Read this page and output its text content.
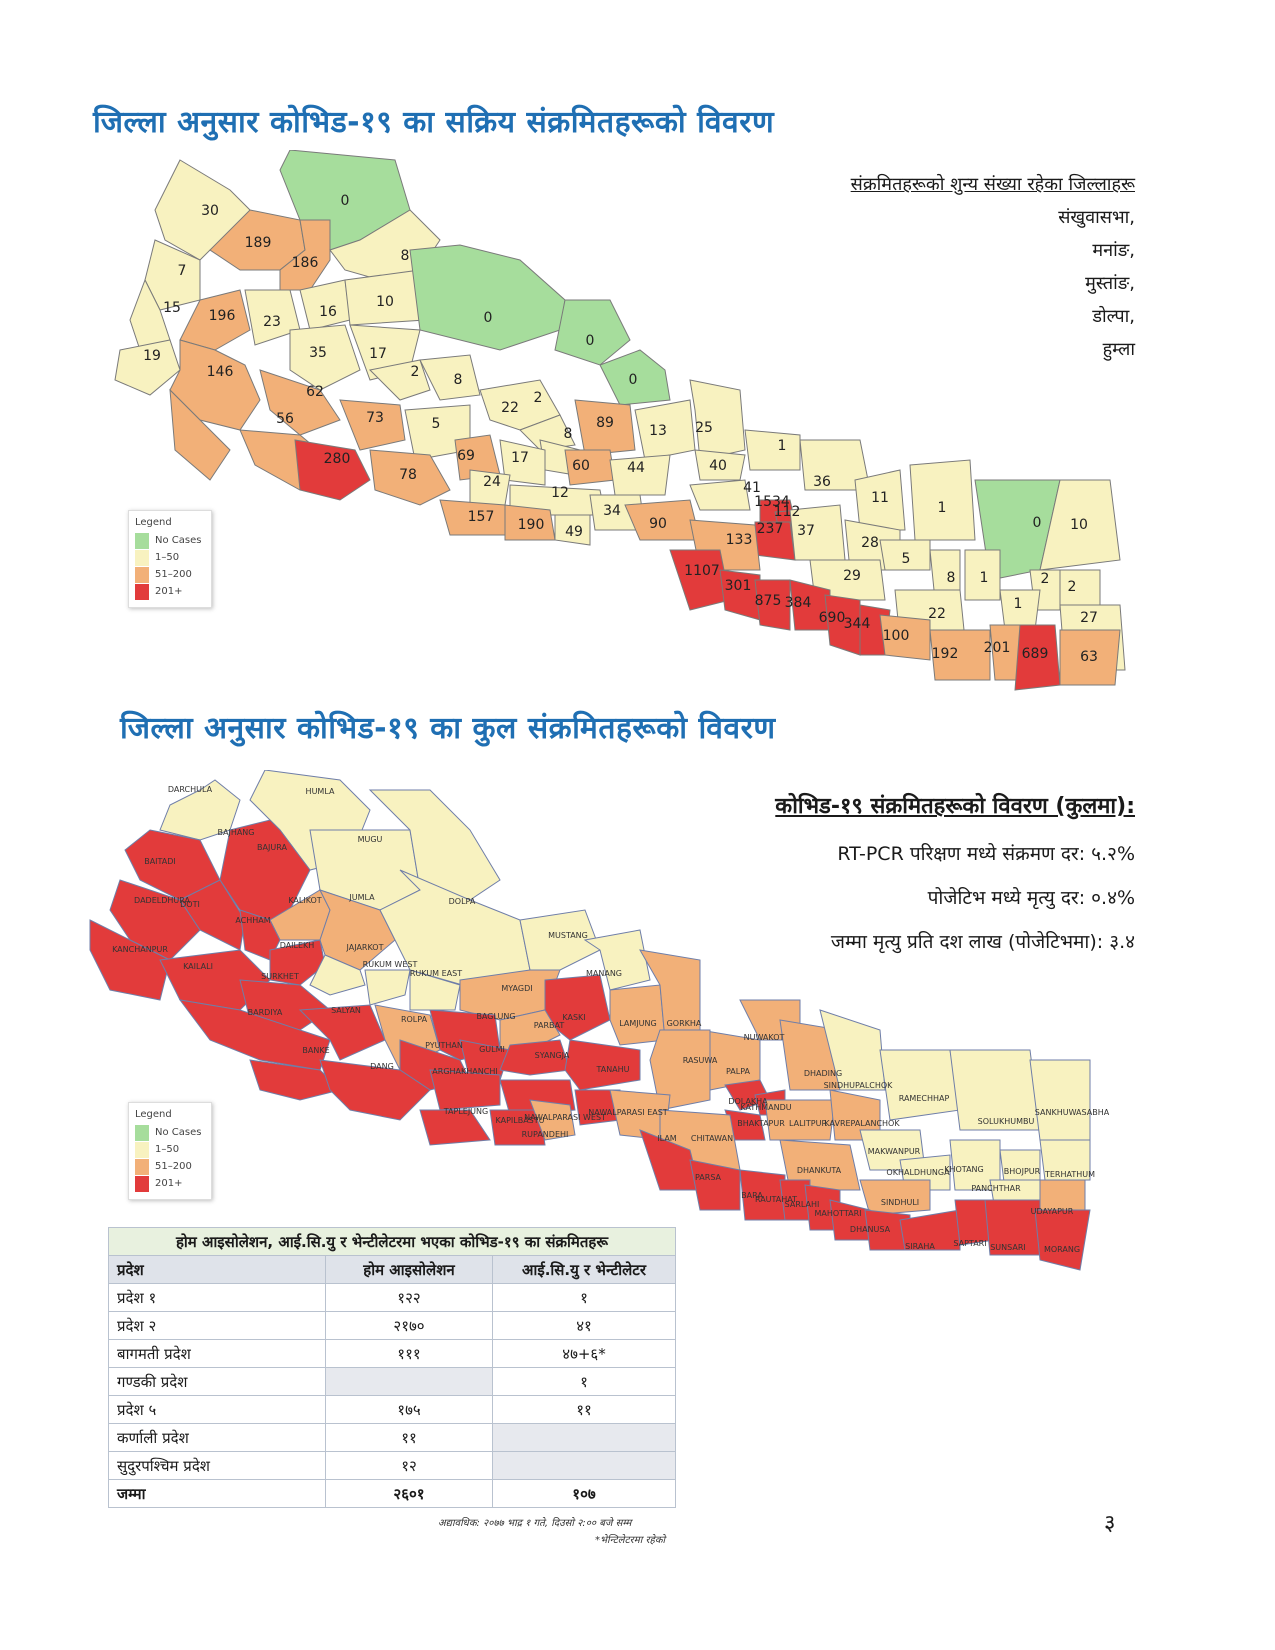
जिल्ला अनुसार कोभिड-१९ का सक्रिय संक्रमितहरूको विवरण
30
0
189
186	8
7
15 196 23
16
10
0
19	35	17
0
146	2 8	0
62
22
2
73
56	5	89	13 25
8
280	69	17	60
78	44	40
24
1
41	36
12
157 190 49
34
90
1534
112
11
1
0 10
237 37
28
133
5
1107
301
29
875 384
8 1	2
690
344
22
1
2
100
192 201 689
27
63
Legend
No Cases
1–50
51–200
201+
संक्रमितहरूको शुन्य संख्या रहेका जिल्लाहरू
संखुवासभा,
मनांङ,
मुस्तांङ,
डोल्पा,
हुम्ला
जिल्ला अनुसार कोभिड-१९ का कुल संक्रमितहरूको विवरण
DARCHULA	HUMLA
BAJHANG
BAJURA
MUGU
BAITADI
DADELDHURA
DOTI	KALIKOT	JUMLA	DOLPA
ACHHAM
KANCHANPUR	DAILEKH	JAJARKOT
KAILALI
SURKHET
RUKUM WEST
RUKUM EAST
MUSTANG
MANANG
MYAGDI
BARDIYA	SALYAN
ROLPA	BAGLUNG	KASKI
LAMJUNG GORKHA
PARBAT
PYUTHAN GULMI
SYANGJA
BANKE
DANG
ARGHAKHANCHI	TANAHU	PALPA
NUWAKOT
RASUWA
DHADING
SINDHUPALCHOK
DOLAKHA
KATHMANDU
BHAKTAPUR LALITPUR
KAVREPALANCHOK
RAMECHHAP
SOLUKHUMBU
SANKHUWASABHA
TAPLEJUNG
KAPILBASTU
RUPANDEHI
NAWALPARASI WEST
NAWALPARASI EAST
CHITAWAN
MAKWANPUR
OKHALDHUNGA
KHOTANG	BHOJPUR TERHATHUM
PANCHTHAR
DHANKUTA
SINDHULI
UDAYAPUR
ILAM
PARSA
BARA
RAUTAHAT
SARLAHI
MAHOTTARI
DHANUSA
SIRAHA SAPTARI SUNSARI MORANG
Legend
No Cases
1–50
51–200
201+
कोभिड-१९ संक्रमितहरूको विवरण (कुलमा):
RT-PCR परिक्षण मध्ये संक्रमण दर: ५.२%
पोजेटिभ मध्ये मृत्यु दर: ०.४%
जम्मा मृत्यु प्रति दश लाख (पोजेटिभमा): ३.४
होम आइसोलेशन, आई.सि.यु र भेन्टीलेटरमा भएका कोभिड-१९ का संक्रमितहरू		
प्रदेश	होम आइसोलेशन	आई.सि.यु र भेन्टीलेटर
प्रदेश १	१२२	१
प्रदेश २	२१७०	४१
बागमती प्रदेश	१११	४७+६*
गण्डकी प्रदेश		१
प्रदेश ५	१७५	११
कर्णाली प्रदेश	११	
सुदुरपश्चिम प्रदेश	१२	
जम्मा	२६०१	१०७
अद्यावधिक: २०७७ भाद्र १ गते, दिउसो २:०० बजे सम्म
*भेन्टिलेटरमा रहेको
३
